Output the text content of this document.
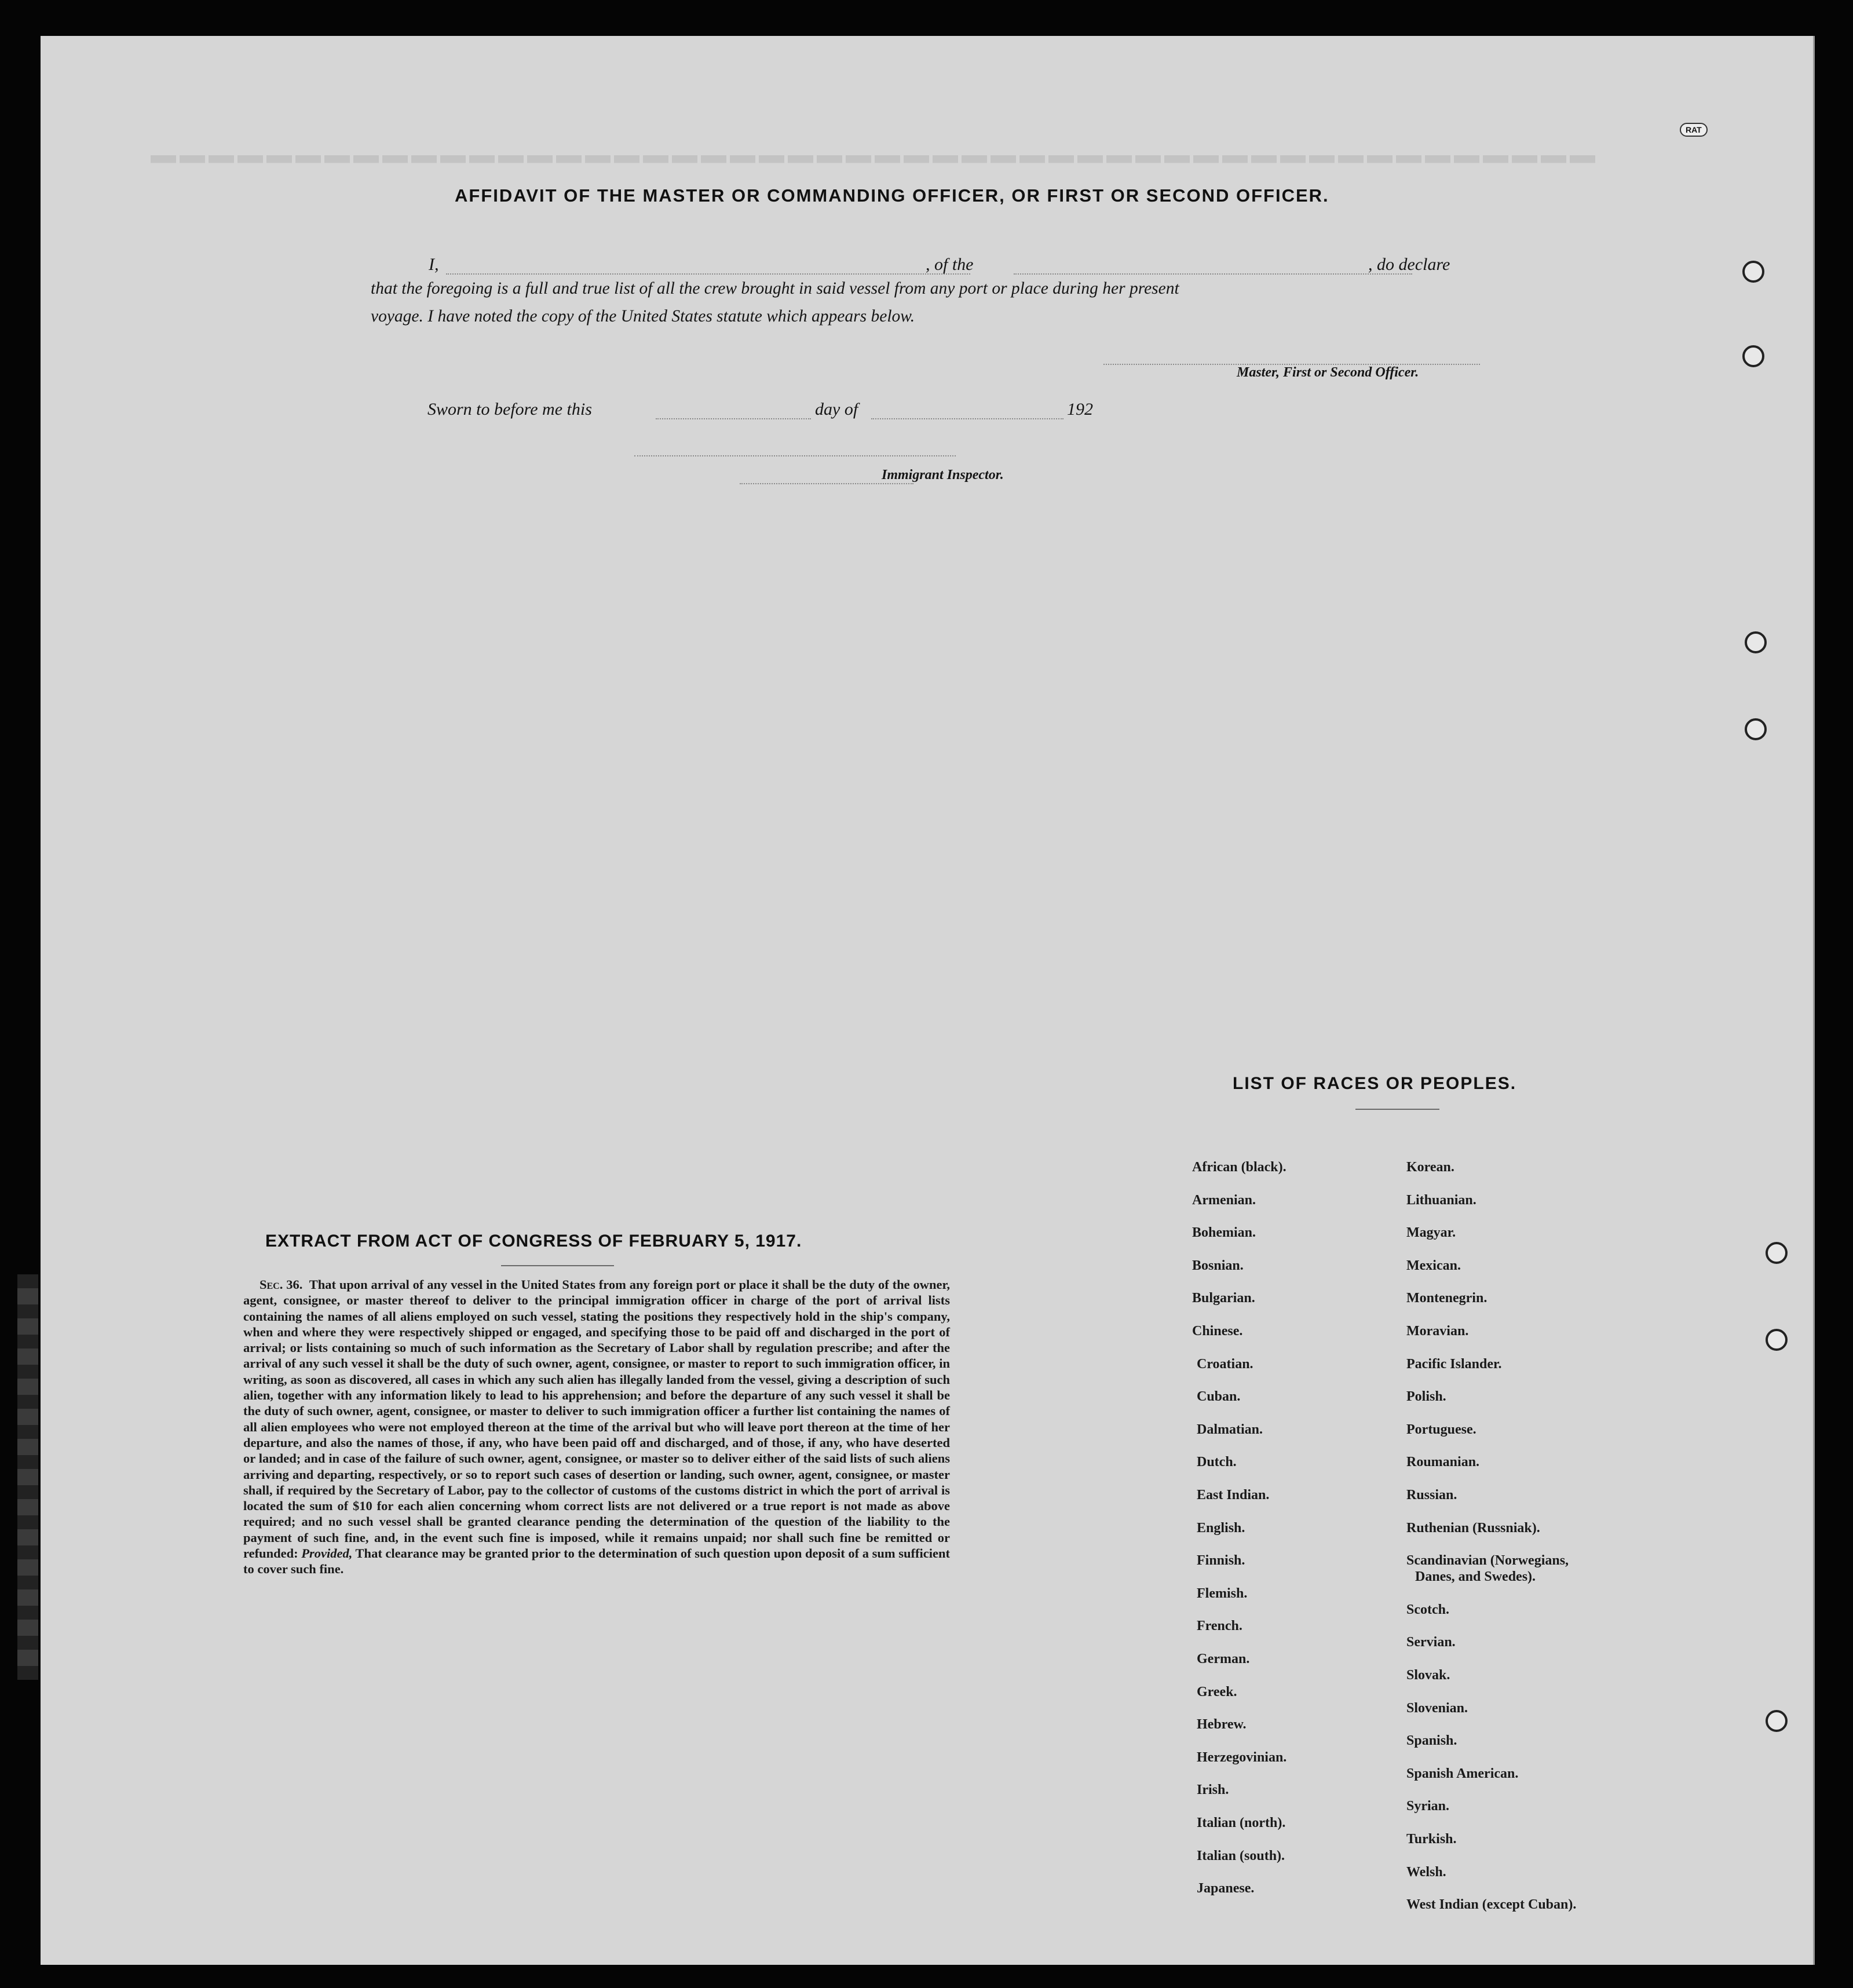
▬▬▬▬▬▬▬▬▬▬▬▬▬▬▬▬▬▬▬▬▬▬▬▬▬▬▬▬▬▬▬▬▬▬▬▬▬▬▬▬▬▬▬▬▬▬▬▬▬▬
RAT
AFFIDAVIT OF THE MASTER OR COMMANDING OFFICER, OR FIRST OR SECOND OFFICER.
I,	, of the	, do declare
that the foregoing is a full and true list of all the crew brought in said vessel from any port or place during her present
voyage. I have noted the copy of the United States statute which appears below.
Master, First or Second Officer.
Sworn to before me this	day of	192
Immigrant Inspector.
EXTRACT FROM ACT OF CONGRESS OF FEBRUARY 5, 1917.
Sec. 36. That upon arrival of any vessel in the United States from any foreign port or place it shall be the duty of the owner, agent, consignee, or master thereof to deliver to the principal immigration officer in charge of the port of arrival lists containing the names of all aliens employed on such vessel, stating the positions they respectively hold in the ship's company, when and where they were respectively shipped or engaged, and specifying those to be paid off and discharged in the port of arrival; or lists containing so much of such information as the Secretary of Labor shall by regulation prescribe; and after the arrival of any such vessel it shall be the duty of such owner, agent, consignee, or master to report to such immigration officer, in writing, as soon as discovered, all cases in which any such alien has illegally landed from the vessel, giving a description of such alien, together with any information likely to lead to his apprehension; and before the departure of any such vessel it shall be the duty of such owner, agent, consignee, or master to deliver to such immigration officer a further list containing the names of all alien employees who were not employed thereon at the time of the arrival but who will leave port thereon at the time of her departure, and also the names of those, if any, who have been paid off and discharged, and of those, if any, who have deserted or landed; and in case of the failure of such owner, agent, consignee, or master so to deliver either of the said lists of such aliens arriving and departing, respectively, or so to report such cases of desertion or landing, such owner, agent, consignee, or master shall, if required by the Secretary of Labor, pay to the collector of customs of the customs district in which the port of arrival is located the sum of $10 for each alien concerning whom correct lists are not delivered or a true report is not made as above required; and no such vessel shall be granted clearance pending the determination of the question of the liability to the payment of such fine, and, in the event such fine is imposed, while it remains unpaid; nor shall such fine be remitted or refunded: Provided, That clearance may be granted prior to the determination of such question upon deposit of a sum sufficient to cover such fine.
LIST OF RACES OR PEOPLES.
African (black).
Armenian.
Bohemian.
Bosnian.
Bulgarian.
Chinese.
Croatian.
Cuban.
Dalmatian.
Dutch.
East Indian.
English.
Finnish.
Flemish.
French.
German.
Greek.
Hebrew.
Herzegovinian.
Irish.
Italian (north).
Italian (south).
Japanese.
Korean.
Lithuanian.
Magyar.
Mexican.
Montenegrin.
Moravian.
Pacific Islander.
Polish.
Portuguese.
Roumanian.
Russian.
Ruthenian (Russniak).
Scandinavian (Norwegians,
Danes, and Swedes).
Scotch.
Servian.
Slovak.
Slovenian.
Spanish.
Spanish American.
Syrian.
Turkish.
Welsh.
West Indian (except Cuban).
